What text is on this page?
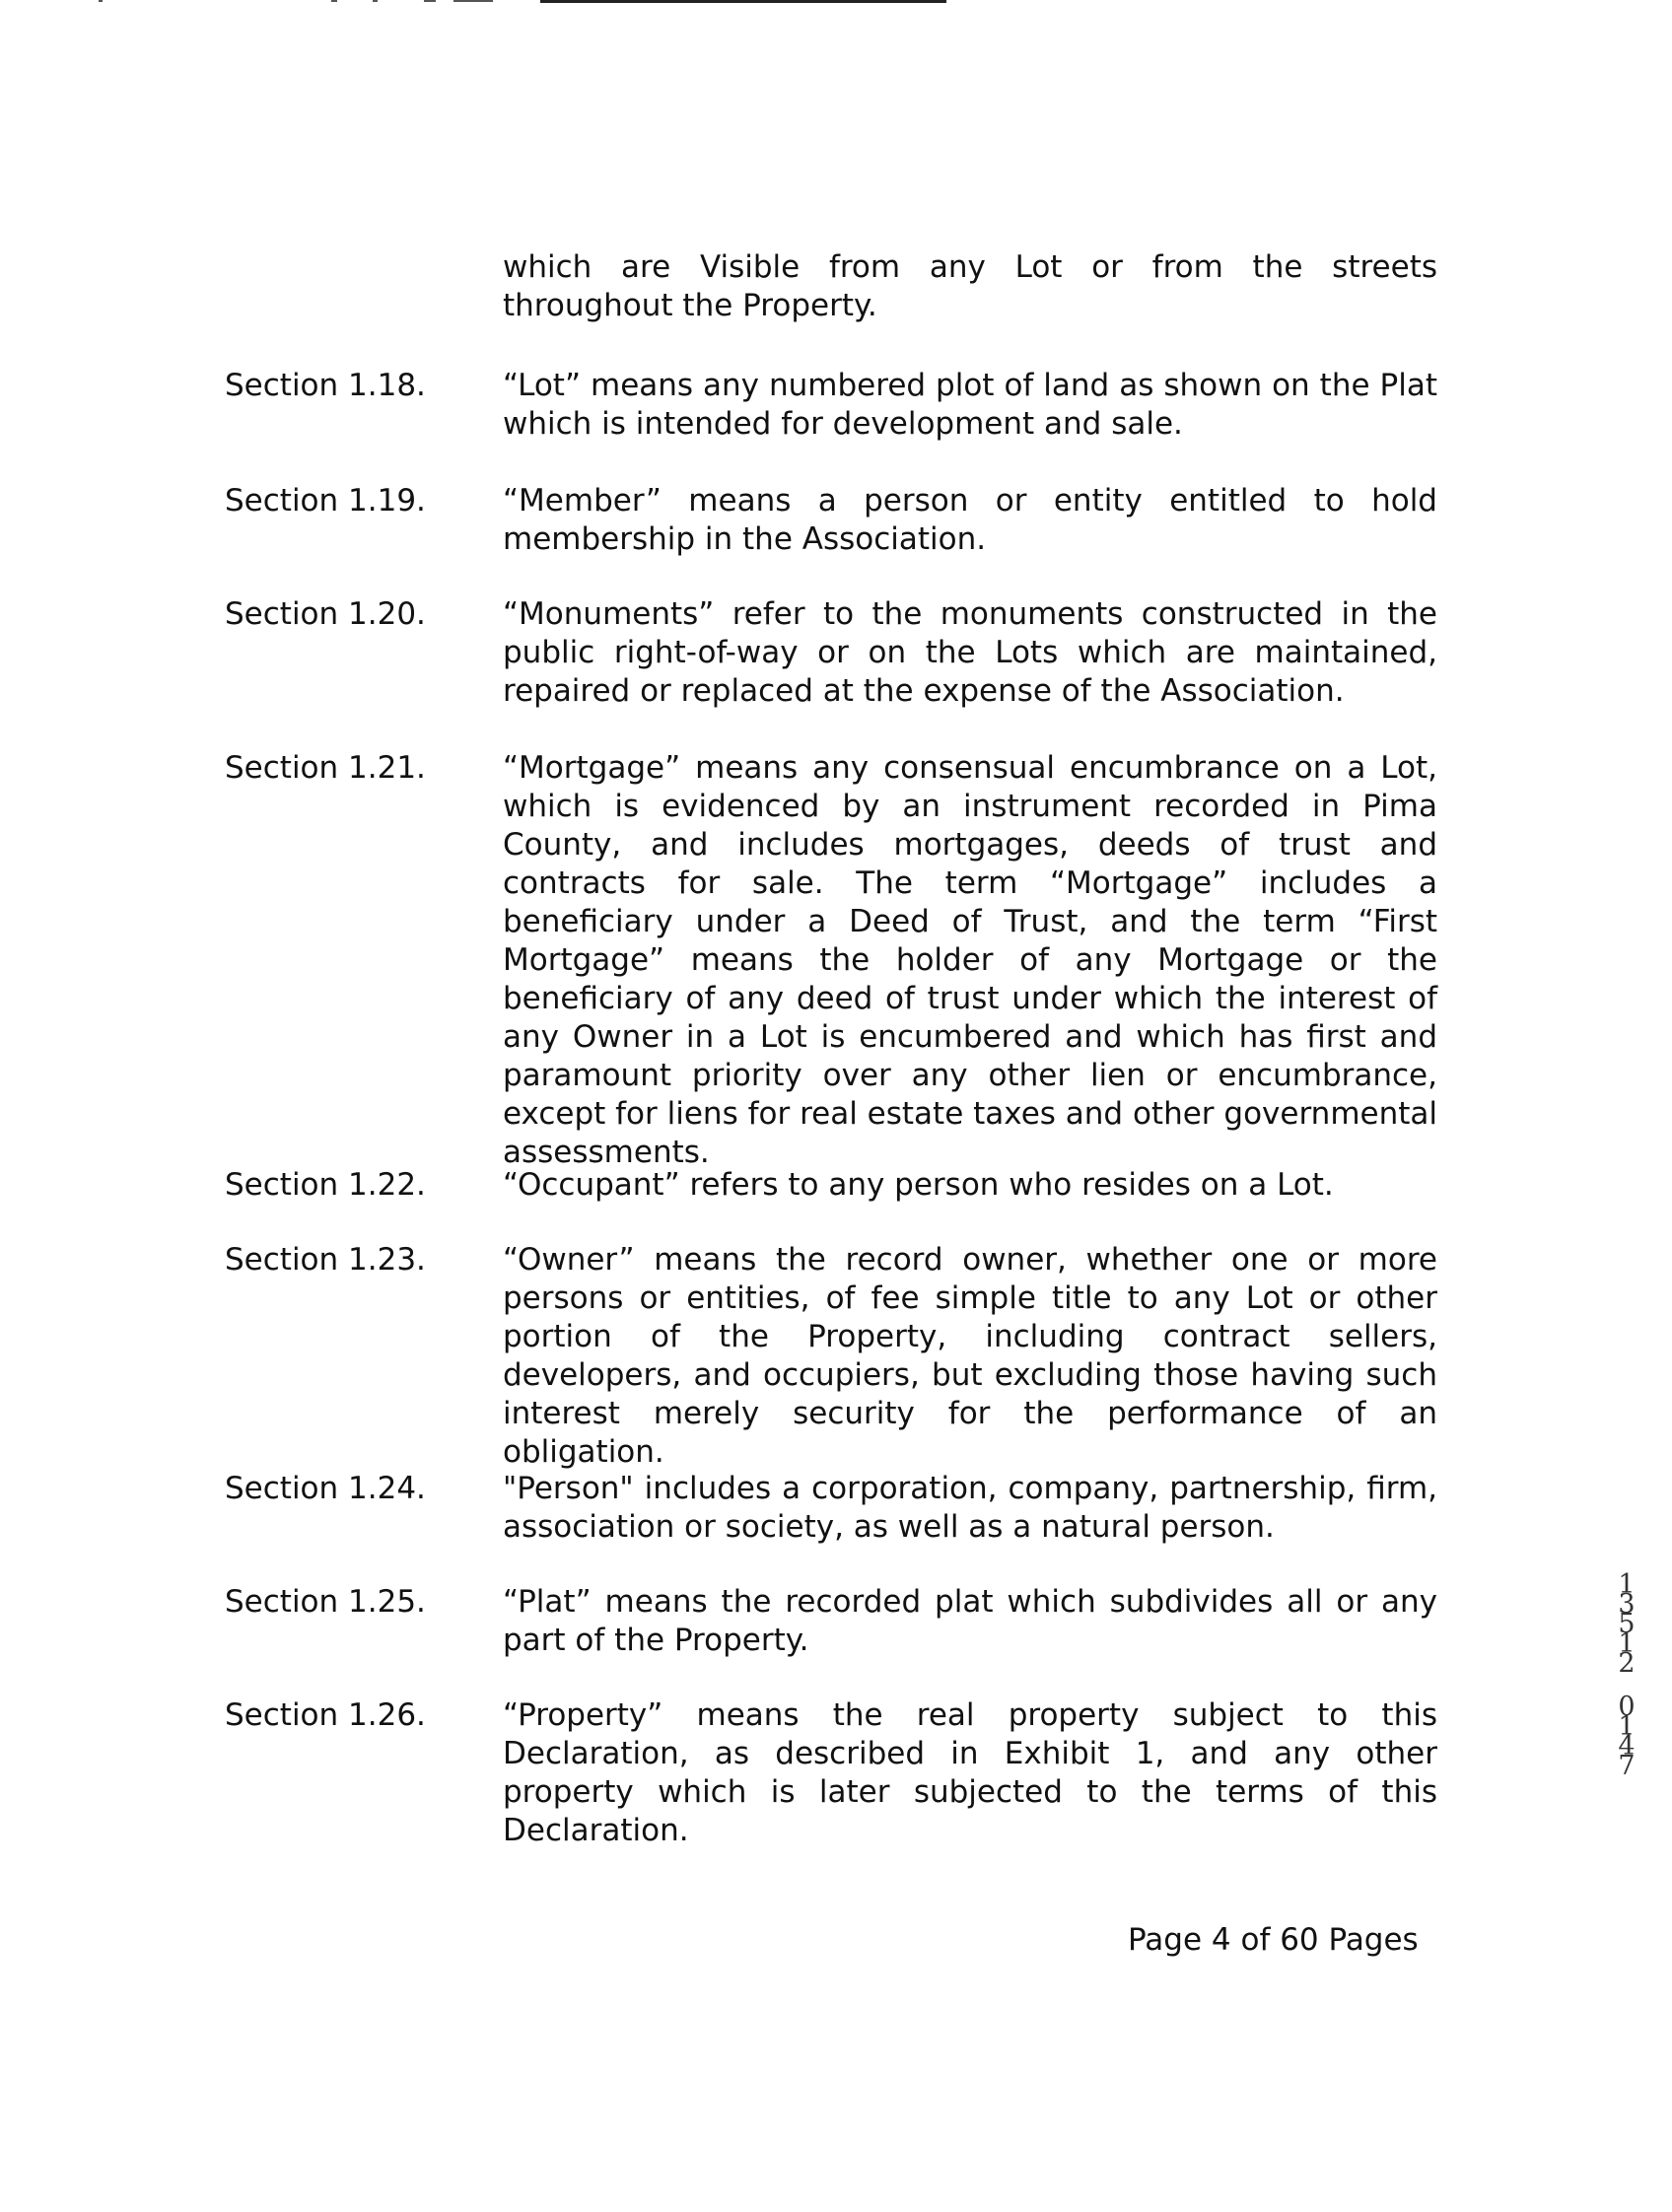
which are Visible from any Lot or from the streets throughout the Property.
Section 1.18.	“Lot” means any numbered plot of land as shown on the Plat which is intended for development and sale.
Section 1.19.	“Member” means a person or entity entitled to hold membership in the Association.
Section 1.20.	“Monuments” refer to the monuments constructed in the public right-of-way or on the Lots which are maintained, repaired or replaced at the expense of the Association.
Section 1.21.	“Mortgage” means any consensual encumbrance on a Lot, which is evidenced by an instrument recorded in Pima County, and includes mortgages, deeds of trust and contracts for sale. The term “Mortgage” includes a beneficiary under a Deed of Trust, and the term “First Mortgage” means the holder of any Mortgage or the beneficiary of any deed of trust under which the interest of any Owner in a Lot is encumbered and which has first and paramount priority over any other lien or encumbrance, except for liens for real estate taxes and other governmental assessments.
Section 1.22.	“Occupant” refers to any person who resides on a Lot.
Section 1.23.	“Owner” means the record owner, whether one or more persons or entities, of fee simple title to any Lot or other portion of the Property, including contract sellers, developers, and occupiers, but excluding those having such interest merely security for the performance of an obligation.
Section 1.24.	"Person" includes a corporation, company, partnership, firm, association or society, as well as a natural person.
Section 1.25.	“Plat” means the recorded plat which subdivides all or any part of the Property.
Section 1.26.	“Property” means the real property subject to this Declaration, as described in Exhibit 1, and any other property which is later subjected to the terms of this Declaration.
Page 4 of 60 Pages
1
3
5
1
2
0
1
4
7
